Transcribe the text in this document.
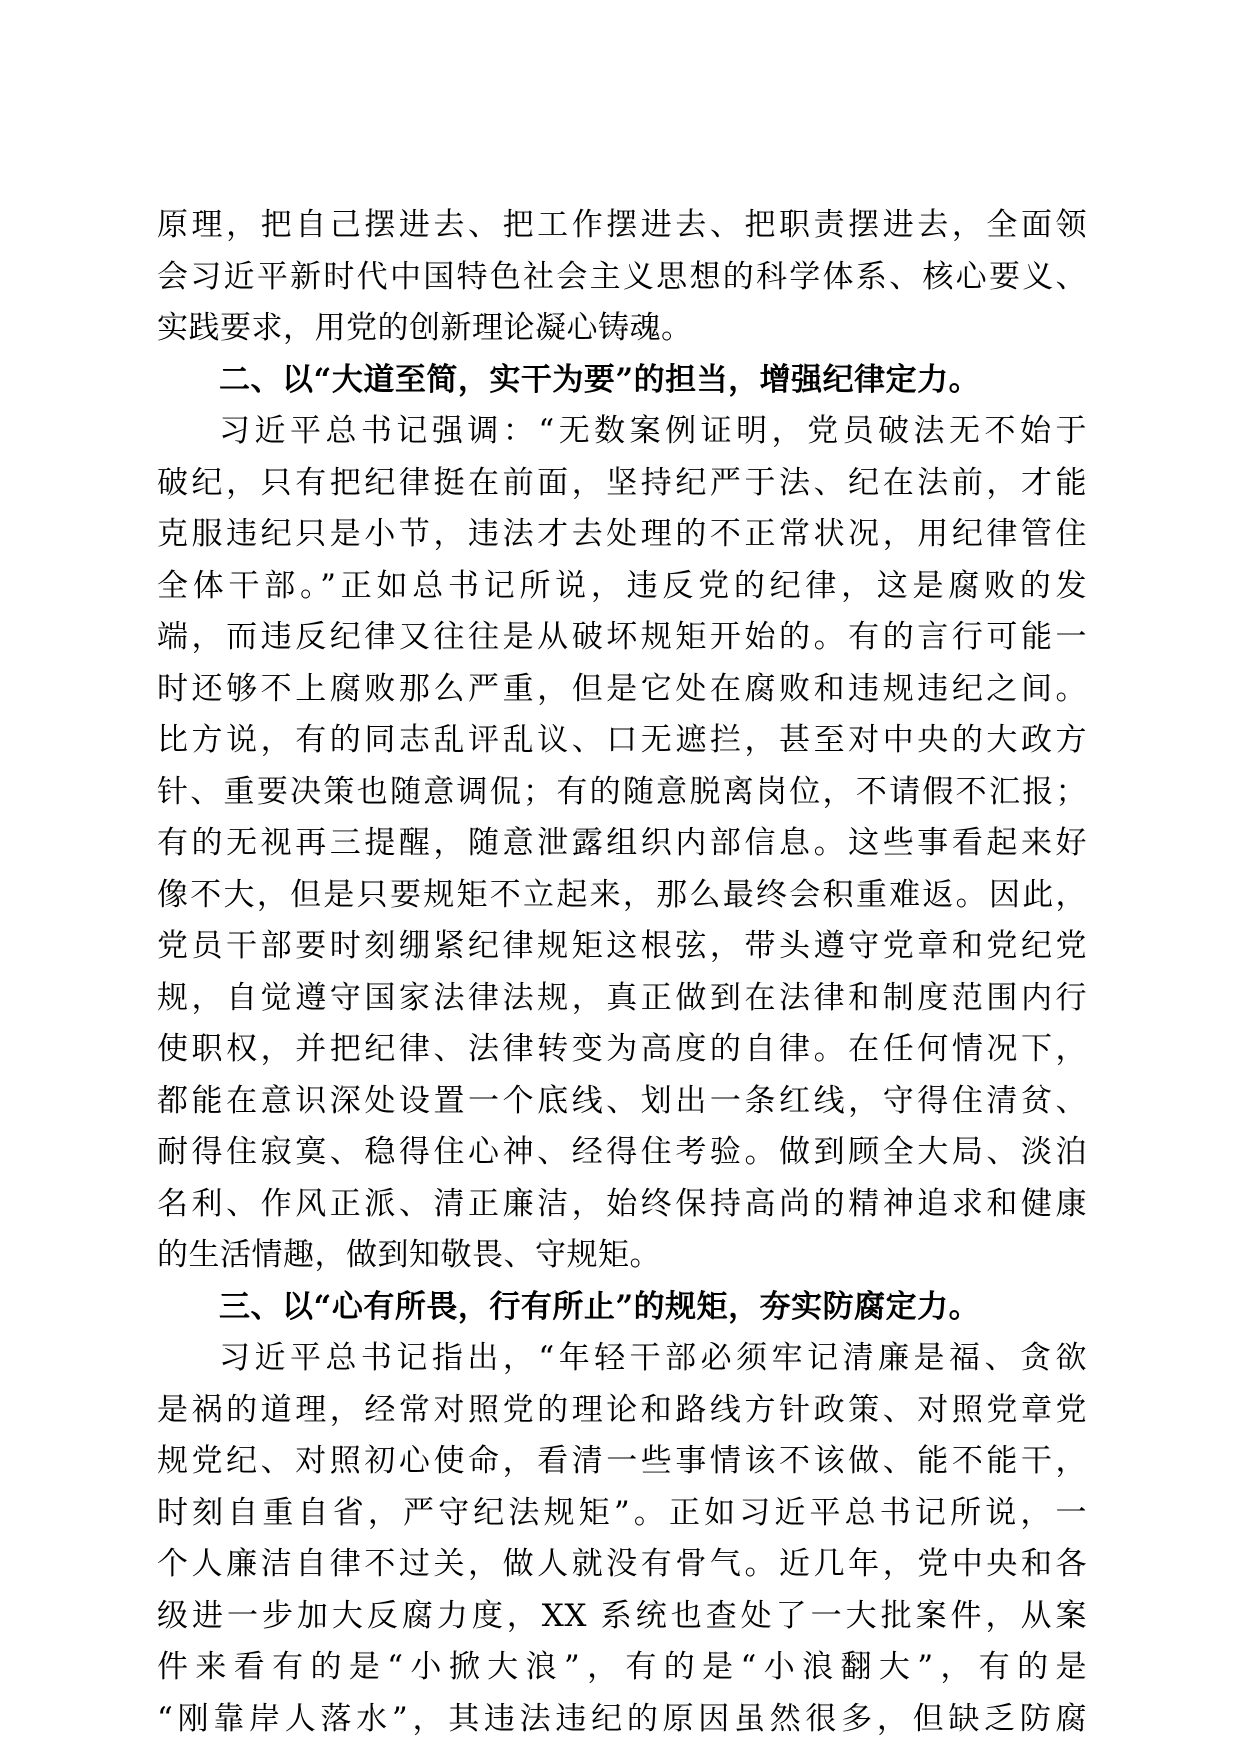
原理，把自己摆进去、把工作摆进去、把职责摆进去，全面领
会习近平新时代中国特色社会主义思想的科学体系、核心要义、
实践要求，用党的创新理论凝心铸魂。
二、以“大道至简，实干为要”的担当，增强纪律定力。
习近平总书记强调：“无数案例证明，党员破法无不始于
破纪，只有把纪律挺在前面，坚持纪严于法、纪在法前，才能
克服违纪只是小节，违法才去处理的不正常状况，用纪律管住
全体干部。”正如总书记所说，违反党的纪律，这是腐败的发
端，而违反纪律又往往是从破坏规矩开始的。有的言行可能一
时还够不上腐败那么严重，但是它处在腐败和违规违纪之间。
比方说，有的同志乱评乱议、口无遮拦，甚至对中央的大政方
针、重要决策也随意调侃；有的随意脱离岗位，不请假不汇报；
有的无视再三提醒，随意泄露组织内部信息。这些事看起来好
像不大，但是只要规矩不立起来，那么最终会积重难返。因此，
党员干部要时刻绷紧纪律规矩这根弦，带头遵守党章和党纪党
规，自觉遵守国家法律法规，真正做到在法律和制度范围内行
使职权，并把纪律、法律转变为高度的自律。在任何情况下，
都能在意识深处设置一个底线、划出一条红线，守得住清贫、
耐得住寂寞、稳得住心神、经得住考验。做到顾全大局、淡泊
名利、作风正派、清正廉洁，始终保持高尚的精神追求和健康
的生活情趣，做到知敬畏、守规矩。
三、以“心有所畏，行有所止”的规矩，夯实防腐定力。
习近平总书记指出，“年轻干部必须牢记清廉是福、贪欲
是祸的道理，经常对照党的理论和路线方针政策、对照党章党
规党纪、对照初心使命，看清一些事情该不该做、能不能干，
时刻自重自省，严守纪法规矩”。正如习近平总书记所说，一
个人廉洁自律不过关，做人就没有骨气。近几年，党中央和各
级进一步加大反腐力度，XX 系统也查处了一大批案件，从案
件来看有的是“小掀大浪”，有的是“小浪翻大”，有的是
“刚靠岸人落水”，其违法违纪的原因虽然很多，但缺乏防腐
